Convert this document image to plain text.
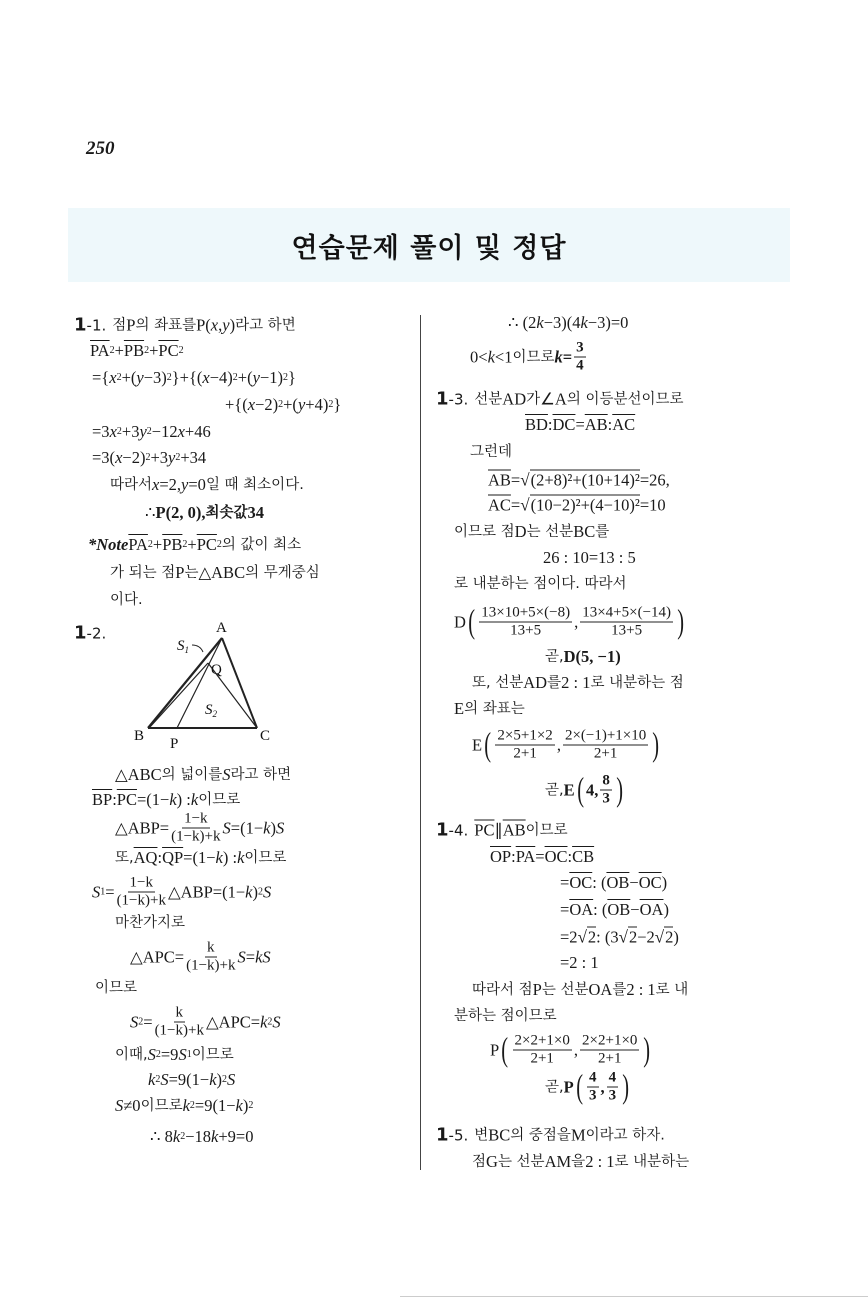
250
연습문제 풀이 및 정답
A
$S_1$
Q
$S_2$
B P	C
1-1. 점 P 의 좌표를 P( x , y ) 라고 하면
$\overline{PA}$ $2 + \overline{PB}$ $2 + \overline{PC}$ 2
={ x 2 +( y −3) 2 }+{( x −4) 2 +( y −1) 2 }
+{( x −2) 2 +( y +4) 2 }
=3 x 2 +3 y 2 −12 x +46
=3( x −2) 2 +3 y 2 +34
따라서 x =2, y =0 일 때 최소이다.
∴ P(2, 0) , 최솟값 34
*Note $\overline{PA}$ $2 + \overline{PB}$ $2 + \overline{PC}$ 2 의 값이 최소
가 되는 점 P 는 △ABC 의 무게중심
이다.
1-2.
△ABC 의 넓이를 S 라고 하면
$\overline{BP}$ : $\overline{PC} =(1- k$ ) : k 이므로
△ABP= $\frac{1-k}{(1-k)+k}$ S =(1− k ) S
또, $\overline{AQ}$ : $\overline{QP} =(1- k$ ) : k 이므로
S $1 = \frac{1-k}{(1-k)+k}$ △ABP=(1− k ) 2 S
마찬가지로
△APC= $\frac{k}{(1-k)+k}$ S = kS
이므로
S $2 = \frac{k}{(1-k)+k}$ △APC= k 2 S
이때, S 2 =9 S 1 이므로
k 2 S =9(1− k ) 2 S
S ≠0 이므로 k 2 =9(1− k ) 2
∴ 8 k 2 −18 k +9=0
∴ (2 k −3)(4 k −3)=0
0< k <1 이므로 $k = \frac{3}{4}$
1-3. 선분 AD 가 ∠A 의 이등분선이므로
$\overline{BD}$ : $\overline{DC} = \overline{AB}$ : $\overline{AC}$
그런데
$\overline{AB}$ = √ (2+8)²+(10+14)² =26,
$\overline{AC}$ = √ (10−2)²+(4−10)² =10
이므로 점 D 는 선분 BC 를
26 : 10=13 : 5
로 내분하는 점이다. 따라서
D ( $\frac{13\times 10+5\times(-8)}{13+5}$ , $\frac{13\times 4+5\times(-14)}{13+5}$ )
곧, D(5, −1)
또, 선분 AD 를 2 : 1 로 내분하는 점
E 의 좌표는
E ( $\frac{2\times 5+1\times 2}{2+1}$ , $\frac{2\times(-1)+1\times 10}{2+1}$ )
곧, E ( 4, $\frac{8}{3}$ )
1-4. $\overline{PC}$ ∥ $\overline{AB}$ 이므로
$\overline{OP}$ : $\overline{PA} = \overline{OC}$ : $\overline{CB}$
= $\overline{OC}$ : ( $\overline{OB} - \overline{OC}$ )
= $\overline{OA}$ : ( $\overline{OB} - \overline{OA}$ )
=2 √ 2 : (3 √ 2 −2 √ 2 )
=2 : 1
따라서 점 P 는 선분 OA 를 2 : 1 로 내
분하는 점이므로
P ( $\frac{2\times 2+1\times 0}{2+1}$ , $\frac{2\times 2+1\times 0}{2+1}$ )
곧, P ( $\frac{4}{3}$ , $\frac{4}{3}$ )
1-5. 변 BC 의 중점을 M 이라고 하자.
점 G 는 선분 AM 을 2 : 1 로 내분하는
